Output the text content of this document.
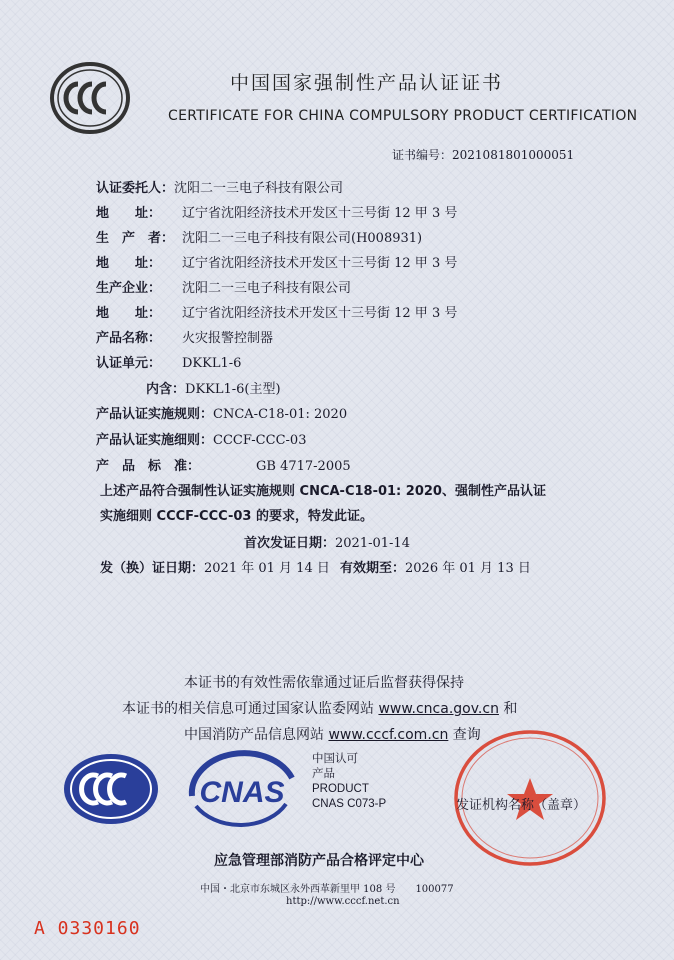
中国国家强制性产品认证证书
CERTIFICATE FOR CHINA COMPULSORY PRODUCT CERTIFICATION
证书编号：2021081801000051
认证委托人：沈阳二一三电子科技有限公司
地　　址： 辽宁省沈阳经济技术开发区十三号街 12 甲 3 号
生　产　者： 沈阳二一三电子科技有限公司(H008931)
地　　址： 辽宁省沈阳经济技术开发区十三号街 12 甲 3 号
生产企业： 沈阳二一三电子科技有限公司
地　　址： 辽宁省沈阳经济技术开发区十三号街 12 甲 3 号
产品名称： 火灾报警控制器
认证单元： DKKL1-6
内含：DKKL1-6(主型)
产品认证实施规则：CNCA-C18-01: 2020
产品认证实施细则：CCCF-CCC-03
产　品　标　准：	GB 4717-2005
上述产品符合强制性认证实施规则 CNCA-C18-01: 2020、强制性产品认证
实施细则 CCCF-CCC-03 的要求，特发此证。
首次发证日期：2021-01-14
发（换）证日期：2021 年 01 月 14 日 有效期至：2026 年 01 月 13 日
本证书的有效性需依靠通过证后监督获得保持
本证书的相关信息可通过国家认监委网站 www.cnca.gov.cn 和
中国消防产品信息网站 www.cccf.com.cn 查询
CNAS
中国认可
产品
PRODUCT
CNAS C073-P	发证机构名称（盖章）
应急管理部消防产品合格评定中心
中国・北京市东城区永外西革新里甲 108 号　　100077
http://www.cccf.net.cn
A 0330160
